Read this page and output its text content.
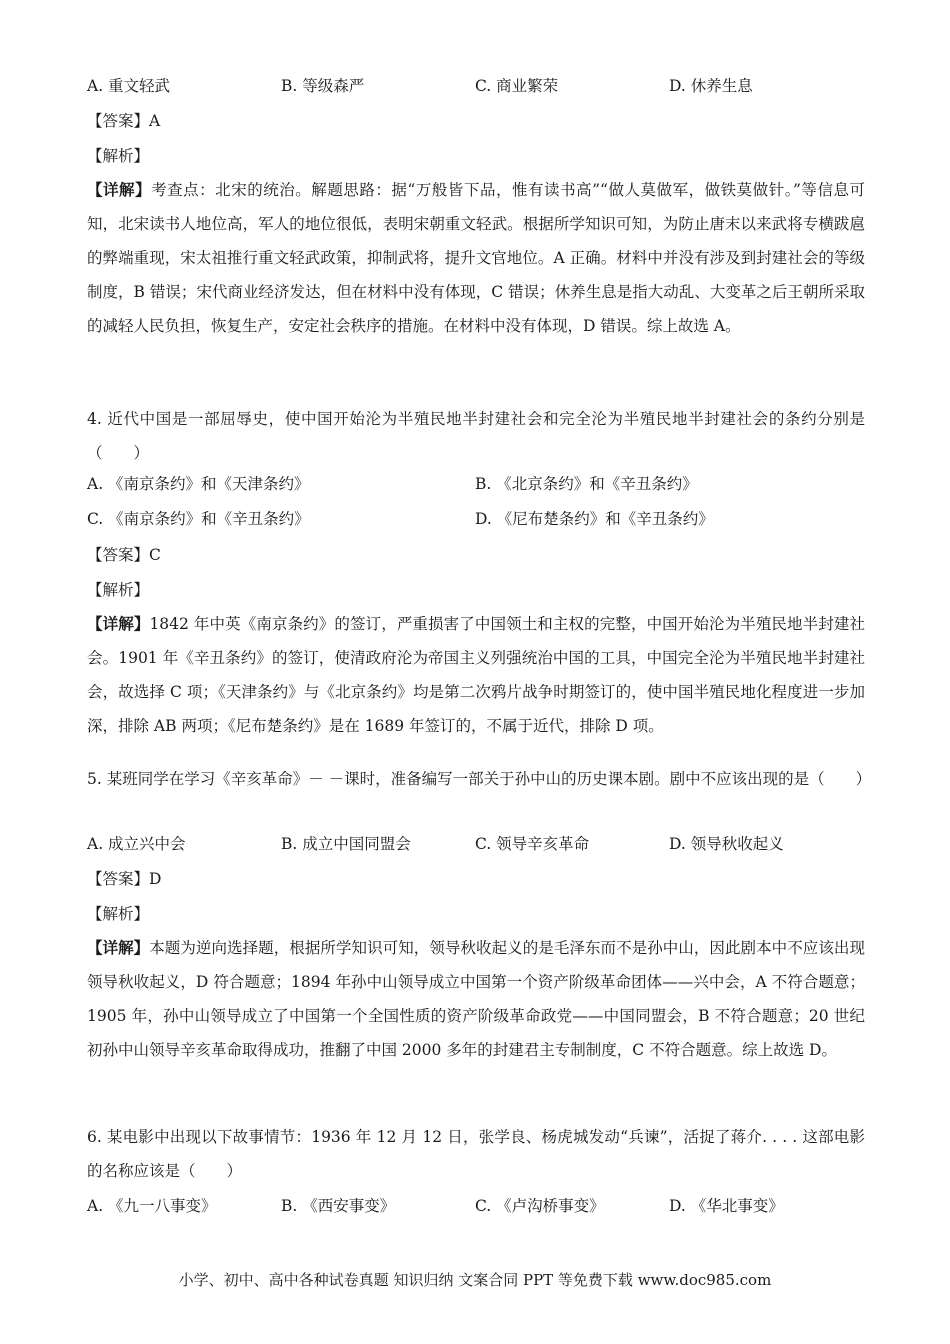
A. 重文轻武	B. 等级森严	C. 商业繁荣	D. 休养生息
【答案】A
【解析】
【详解】考查点：北宋的统治。解题思路：据“万般皆下品，惟有读书高”“做人莫做军，做铁莫做针。”等信息可知，北宋读书人地位高，军人的地位很低，表明宋朝重文轻武。根据所学知识可知，为防止唐末以来武将专横跋扈的弊端重现，宋太祖推行重文轻武政策，抑制武将，提升文官地位。A 正确。材料中并没有涉及到封建社会的等级制度，B 错误；宋代商业经济发达，但在材料中没有体现，C 错误；休养生息是指大动乱、大变革之后王朝所采取的减轻人民负担，恢复生产，安定社会秩序的措施。在材料中没有体现，D 错误。综上故选 A。
4. 近代中国是一部屈辱史，使中国开始沦为半殖民地半封建社会和完全沦为半殖民地半封建社会的条约分别是（　　）
A. 《南京条约》和《天津条约》	B. 《北京条约》和《辛丑条约》
C. 《南京条约》和《辛丑条约》	D. 《尼布楚条约》和《辛丑条约》
【答案】C
【解析】
【详解】1842 年中英《南京条约》的签订，严重损害了中国领土和主权的完整，中国开始沦为半殖民地半封建社会。1901 年《辛丑条约》的签订，使清政府沦为帝国主义列强统治中国的工具，中国完全沦为半殖民地半封建社会，故选择 C 项；《天津条约》与《北京条约》均是第二次鸦片战争时期签订的，使中国半殖民地化程度进一步加深，排除 AB 两项；《尼布楚条约》是在 1689 年签订的，不属于近代，排除 D 项。
5. 某班同学在学习《辛亥革命》－ －课时，准备编写一部关于孙中山的历史课本剧。剧中不应该出现的是（　　）
A. 成立兴中会	B. 成立中国同盟会	C. 领导辛亥革命	D. 领导秋收起义
【答案】D
【解析】
【详解】本题为逆向选择题，根据所学知识可知，领导秋收起义的是毛泽东而不是孙中山，因此剧本中不应该出现领导秋收起义，D 符合题意；1894 年孙中山领导成立中国第一个资产阶级革命团体——兴中会，A 不符合题意；1905 年，孙中山领导成立了中国第一个全国性质的资产阶级革命政党——中国同盟会，B 不符合题意；20 世纪初孙中山领导辛亥革命取得成功，推翻了中国 2000 多年的封建君主专制制度，C 不符合题意。综上故选 D。
6. 某电影中出现以下故事情节：1936 年 12 月 12 日，张学良、杨虎城发动“兵谏”，活捉了蒋介. . . . 这部电影的名称应该是（　　）
A. 《九一八事变》	B. 《西安事变》	C. 《卢沟桥事变》	D. 《华北事变》
小学、初中、高中各种试卷真题 知识归纳 文案合同 PPT 等免费下载 www.doc985.com
